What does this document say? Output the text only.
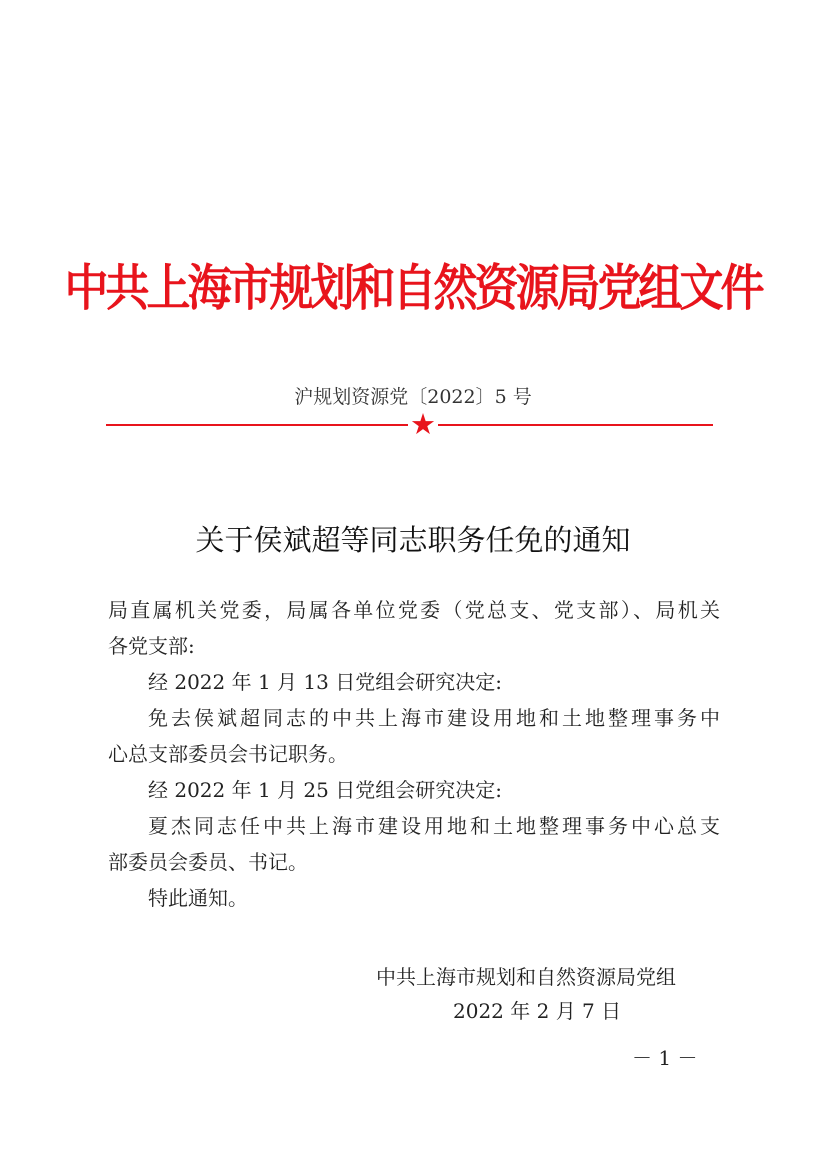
中共上海市规划和自然资源局党组文件
沪规划资源党〔2022〕5 号
★
关于侯斌超等同志职务任免的通知
局直属机关党委，局属各单位党委（党总支、党支部）、局机关
各党支部:
经 2022 年 1 月 13 日党组会研究决定:
免去侯斌超同志的中共上海市建设用地和土地整理事务中
心总支部委员会书记职务。
经 2022 年 1 月 25 日党组会研究决定:
夏杰同志任中共上海市建设用地和土地整理事务中心总支
部委员会委员、书记。
特此通知。
中共上海市规划和自然资源局党组
2022 年 2 月 7 日
－ 1 －
